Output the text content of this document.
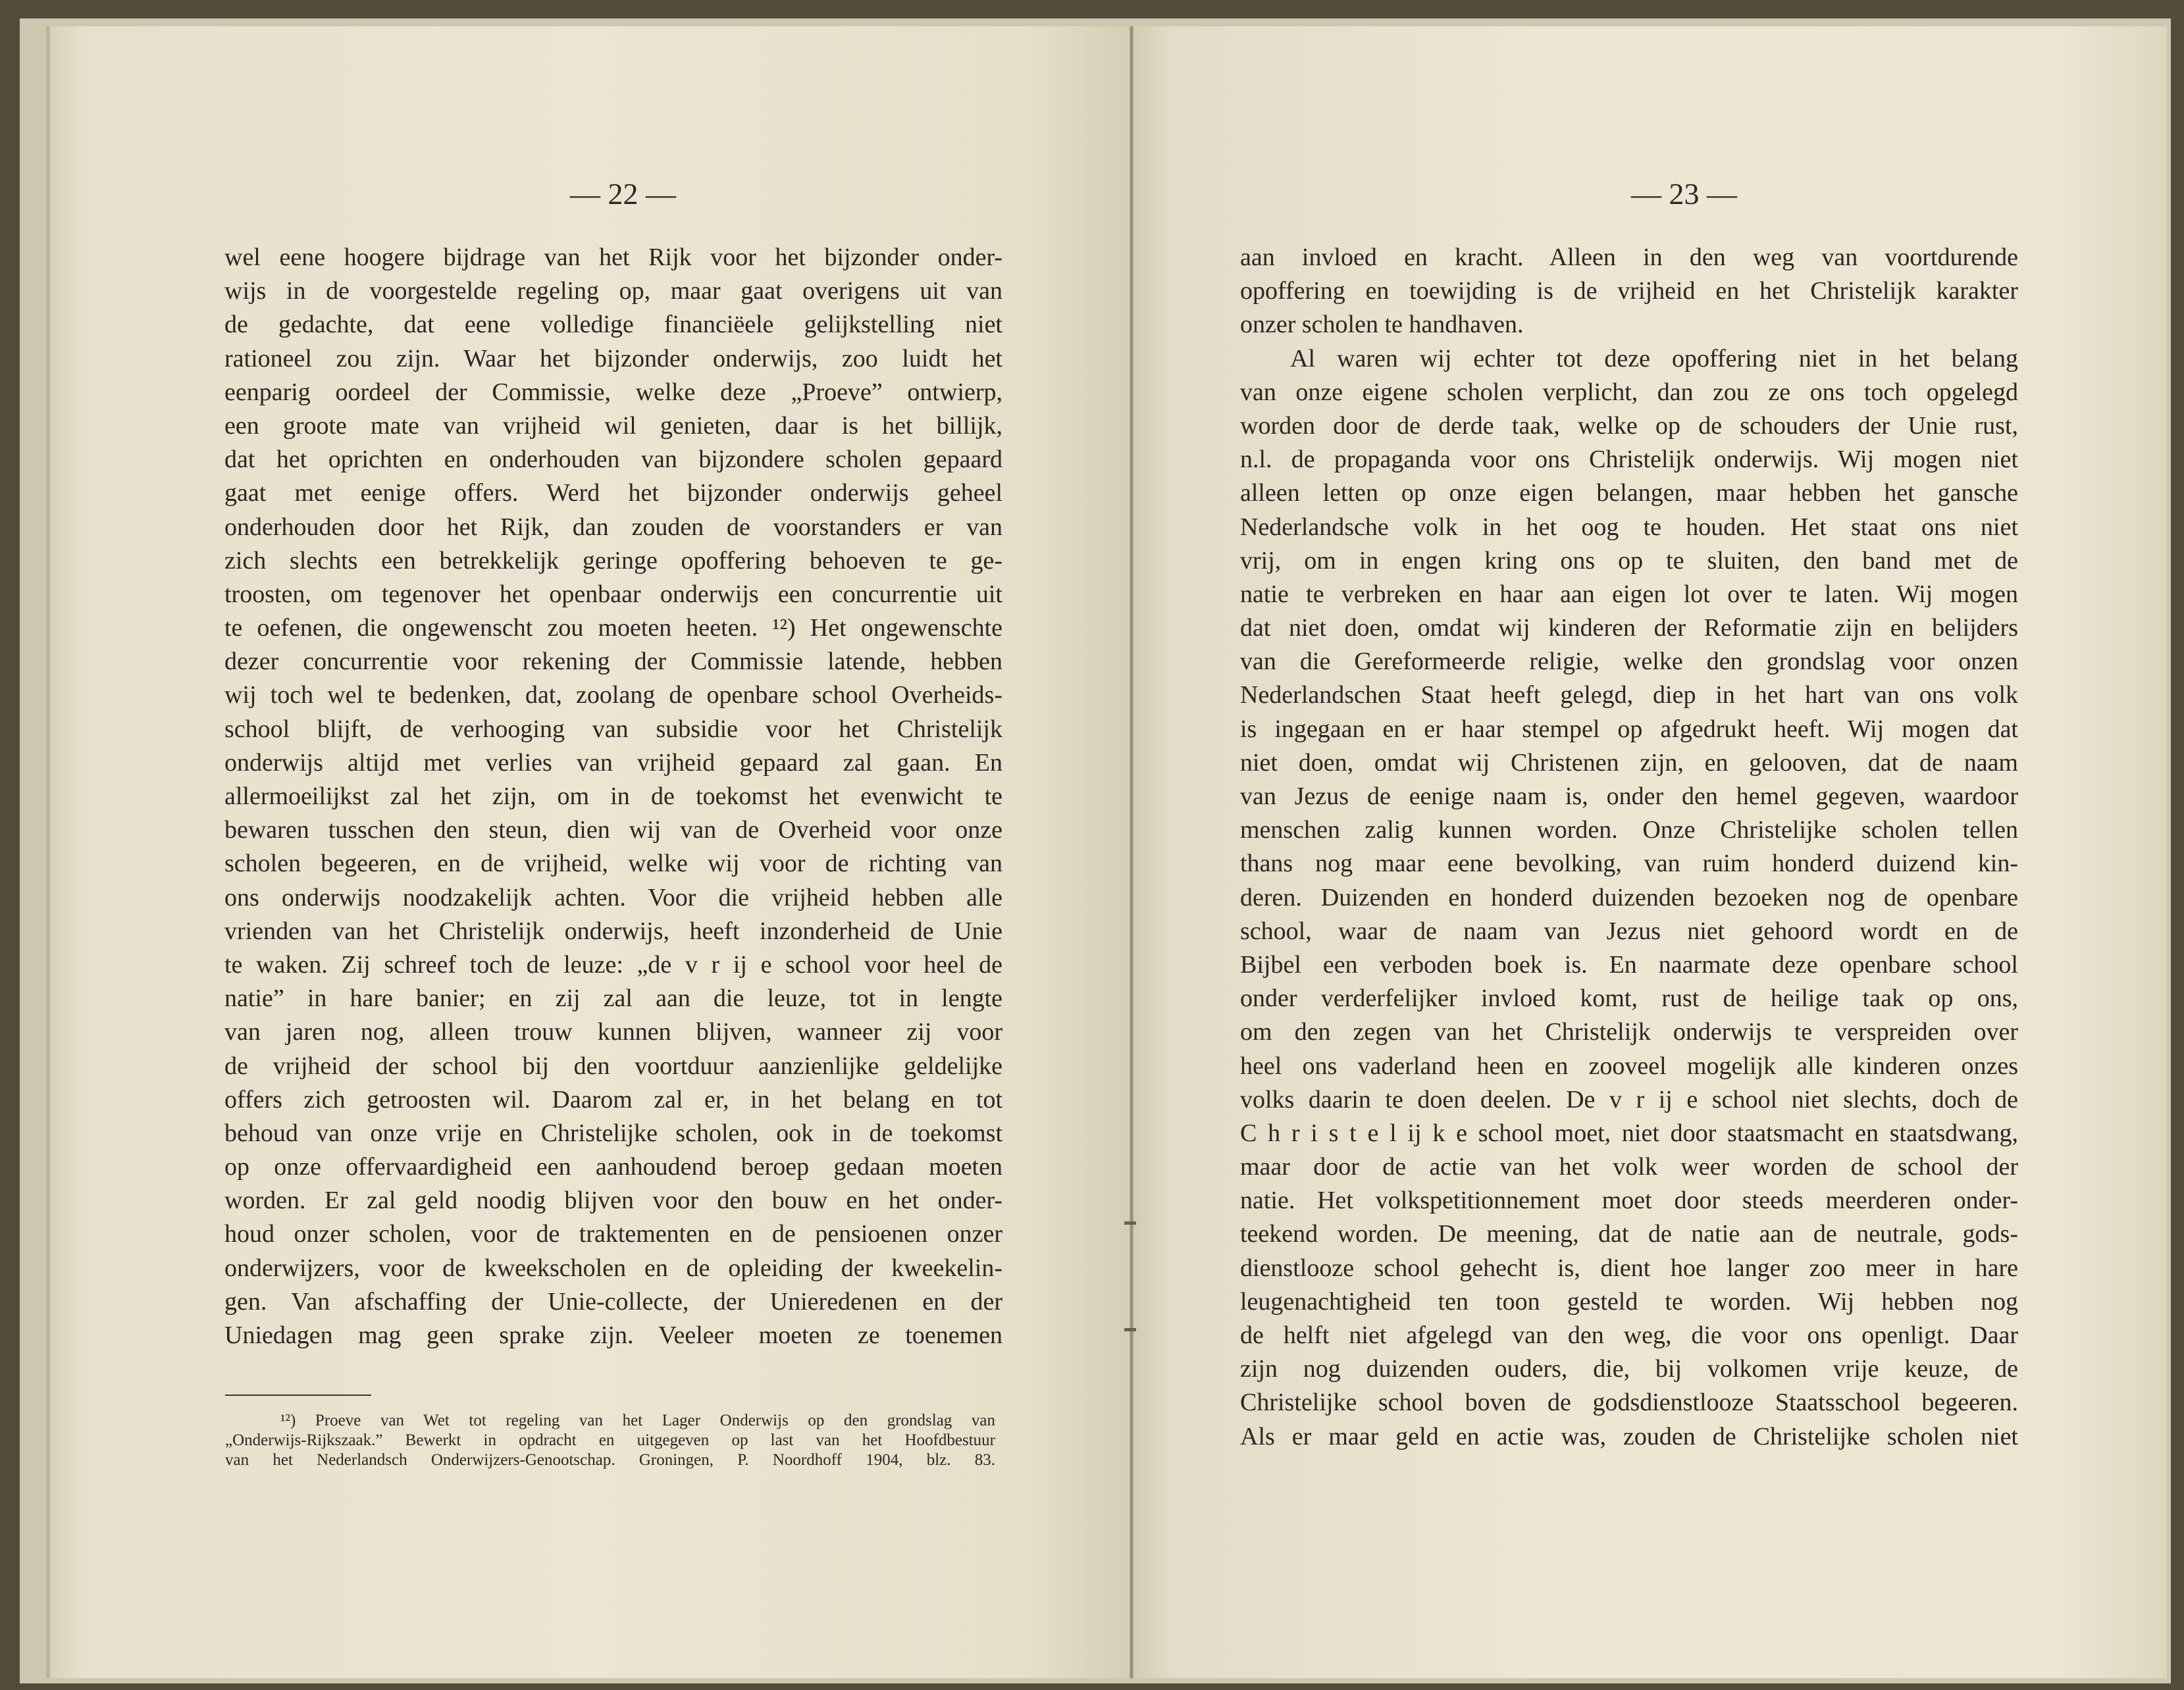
— 22 —
wel eene hoogere bijdrage van het Rijk voor het bijzonder onder-
wijs in de voorgestelde regeling op, maar gaat overigens uit van
de gedachte, dat eene volledige financiëele gelijkstelling niet
rationeel zou zijn. Waar het bijzonder onderwijs, zoo luidt het
eenparig oordeel der Commissie, welke deze „Proeve” ontwierp,
een groote mate van vrijheid wil genieten, daar is het billijk,
dat het oprichten en onderhouden van bijzondere scholen gepaard
gaat met eenige offers. Werd het bijzonder onderwijs geheel
onderhouden door het Rijk, dan zouden de voorstanders er van
zich slechts een betrekkelijk geringe opoffering behoeven te ge-
troosten, om tegenover het openbaar onderwijs een concurrentie uit
te oefenen, die ongewenscht zou moeten heeten. ¹²) Het ongewenschte
dezer concurrentie voor rekening der Commissie latende, hebben
wij toch wel te bedenken, dat, zoolang de openbare school Overheids-
school blijft, de verhooging van subsidie voor het Christelijk
onderwijs altijd met verlies van vrijheid gepaard zal gaan. En
allermoeilijkst zal het zijn, om in de toekomst het evenwicht te
bewaren tusschen den steun, dien wij van de Overheid voor onze
scholen begeeren, en de vrijheid, welke wij voor de richting van
ons onderwijs noodzakelijk achten. Voor die vrijheid hebben alle
vrienden van het Christelijk onderwijs, heeft inzonderheid de Unie
te waken. Zij schreef toch de leuze: „de v r ij e school voor heel de
natie” in hare banier; en zij zal aan die leuze, tot in lengte
van jaren nog, alleen trouw kunnen blijven, wanneer zij voor
de vrijheid der school bij den voortduur aanzienlijke geldelijke
offers zich getroosten wil. Daarom zal er, in het belang en tot
behoud van onze vrije en Christelijke scholen, ook in de toekomst
op onze offervaardigheid een aanhoudend beroep gedaan moeten
worden. Er zal geld noodig blijven voor den bouw en het onder-
houd onzer scholen, voor de traktementen en de pensioenen onzer
onderwijzers, voor de kweekscholen en de opleiding der kweekelin-
gen. Van afschaffing der Unie-collecte, der Unieredenen en der
Uniedagen mag geen sprake zijn. Veeleer moeten ze toenemen
¹²) Proeve van Wet tot regeling van het Lager Onderwijs op den grondslag van
„Onderwijs-Rijkszaak.” Bewerkt in opdracht en uitgegeven op last van het Hoofdbestuur
van het Nederlandsch Onderwijzers-Genootschap. Groningen, P. Noordhoff 1904, blz. 83.
— 23 —
aan invloed en kracht. Alleen in den weg van voortdurende
opoffering en toewijding is de vrijheid en het Christelijk karakter
onzer scholen te handhaven.
Al waren wij echter tot deze opoffering niet in het belang
van onze eigene scholen verplicht, dan zou ze ons toch opgelegd
worden door de derde taak, welke op de schouders der Unie rust,
n.l. de propaganda voor ons Christelijk onderwijs. Wij mogen niet
alleen letten op onze eigen belangen, maar hebben het gansche
Nederlandsche volk in het oog te houden. Het staat ons niet
vrij, om in engen kring ons op te sluiten, den band met de
natie te verbreken en haar aan eigen lot over te laten. Wij mogen
dat niet doen, omdat wij kinderen der Reformatie zijn en belijders
van die Gereformeerde religie, welke den grondslag voor onzen
Nederlandschen Staat heeft gelegd, diep in het hart van ons volk
is ingegaan en er haar stempel op afgedrukt heeft. Wij mogen dat
niet doen, omdat wij Christenen zijn, en gelooven, dat de naam
van Jezus de eenige naam is, onder den hemel gegeven, waardoor
menschen zalig kunnen worden. Onze Christelijke scholen tellen
thans nog maar eene bevolking, van ruim honderd duizend kin-
deren. Duizenden en honderd duizenden bezoeken nog de openbare
school, waar de naam van Jezus niet gehoord wordt en de
Bijbel een verboden boek is. En naarmate deze openbare school
onder verderfelijker invloed komt, rust de heilige taak op ons,
om den zegen van het Christelijk onderwijs te verspreiden over
heel ons vaderland heen en zooveel mogelijk alle kinderen onzes
volks daarin te doen deelen. De v r ij e school niet slechts, doch de
C h r i s t e l ij k e school moet, niet door staatsmacht en staatsdwang,
maar door de actie van het volk weer worden de school der
natie. Het volkspetitionnement moet door steeds meerderen onder-
teekend worden. De meening, dat de natie aan de neutrale, gods-
dienstlooze school gehecht is, dient hoe langer zoo meer in hare
leugenachtigheid ten toon gesteld te worden. Wij hebben nog
de helft niet afgelegd van den weg, die voor ons openligt. Daar
zijn nog duizenden ouders, die, bij volkomen vrije keuze, de
Christelijke school boven de godsdienstlooze Staatsschool begeeren.
Als er maar geld en actie was, zouden de Christelijke scholen niet
